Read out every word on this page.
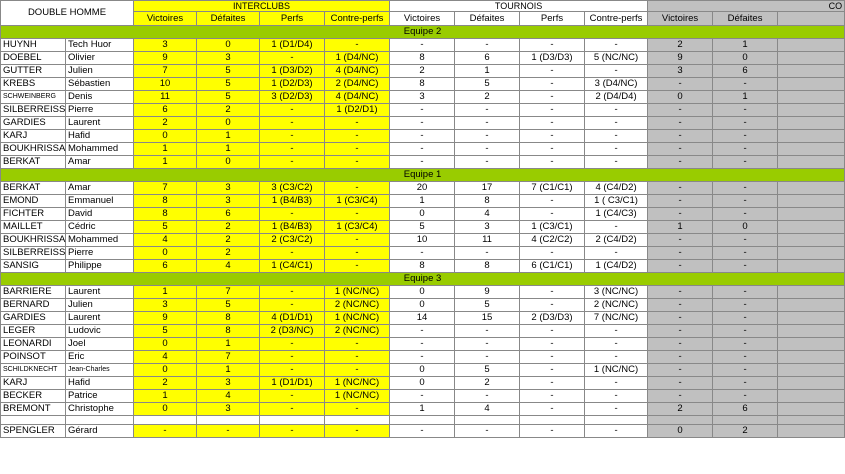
DOUBLE HOMME		INTERCLUBS				TOURNOIS				CO		
		Victoires	Défaites	Perfs	Contre-perfs	Victoires	Défaites	Perfs	Contre-perfs	Victoires	Défaites	
Equipe 2												
HUYNH	Tech Huor	3	0	1 (D1/D4)	-	-	-	-	-	2	1	
DOEBEL	Olivier	9	3	-	1 (D4/NC)	8	6	1 (D3/D3)	5 (NC/NC)	9	0	
GUTTER	Julien	7	5	1 (D3/D2)	4 (D4/NC)	2	1	-	-	3	6	
KREBS	Sébastien	10	5	1 (D2/D3)	2 (D4/NC)	8	5	-	3 (D4/NC)	-	-	
SCHWEINBERG	Denis	11	5	3 (D2/D3)	4 (D4/NC)	3	2	-	2 (D4/D4)	0	1	
SILBERREISS	Pierre	6	2	-	1 (D2/D1)	-	-	-	-	-	-	
GARDIES	Laurent	2	0	-	-	-	-	-	-	-	-	
KARJ	Hafid	0	1	-	-	-	-	-	-	-	-	
BOUKHRISSA	Mohammed	1	1	-	-	-	-	-	-	-	-	
BERKAT	Amar	1	0	-	-	-	-	-	-	-	-	
Equipe 1												
BERKAT	Amar	7	3	3 (C3/C2)	-	20	17	7 (C1/C1)	4 (C4/D2)	-	-	
EMOND	Emmanuel	8	3	1 (B4/B3)	1 (C3/C4)	1	8	-	1 ( C3/C1)	-	-	
FICHTER	David	8	6	-	-	0	4	-	1 (C4/C3)	-	-	
MAILLET	Cédric	5	2	1 (B4/B3)	1 (C3/C4)	5	3	1 (C3/C1)	-	1	0	
BOUKHRISSA	Mohammed	4	2	2 (C3/C2)	-	10	11	4 (C2/C2)	2 (C4/D2)	-	-	
SILBERREISS	Pierre	0	2	-	-	-	-	-	-	-	-	
SANSIG	Philippe	6	4	1 (C4/C1)	-	8	8	6 (C1/C1)	1 (C4/D2)	-	-	
Equipe 3												
BARRIERE	Laurent	1	7	-	1 (NC/NC)	0	9	-	3 (NC/NC)	-	-	
BERNARD	Julien	3	5	-	2 (NC/NC)	0	5	-	2 (NC/NC)	-	-	
GARDIES	Laurent	9	8	4 (D1/D1)	1 (NC/NC)	14	15	2 (D3/D3)	7 (NC/NC)	-	-	
LEGER	Ludovic	5	8	2 (D3/NC)	2 (NC/NC)	-	-	-	-	-	-	
LEONARDI	Joel	0	1	-	-	-	-	-	-	-	-	
POINSOT	Eric	4	7	-	-	-	-	-	-	-	-	
SCHILDKNECHT	Jean-Charles	0	1	-	-	0	5	-	1 (NC/NC)	-	-	
KARJ	Hafid	2	3	1 (D1/D1)	1 (NC/NC)	0	2	-	-	-	-	
BECKER	Patrice	1	4	-	1 (NC/NC)	-	-	-	-	-	-	
BREMONT	Christophe	0	3	-	-	1	4	-	-	2	6	

SPENGLER	Gérard	-	-	-	-	-	-	-	-	0	2	
